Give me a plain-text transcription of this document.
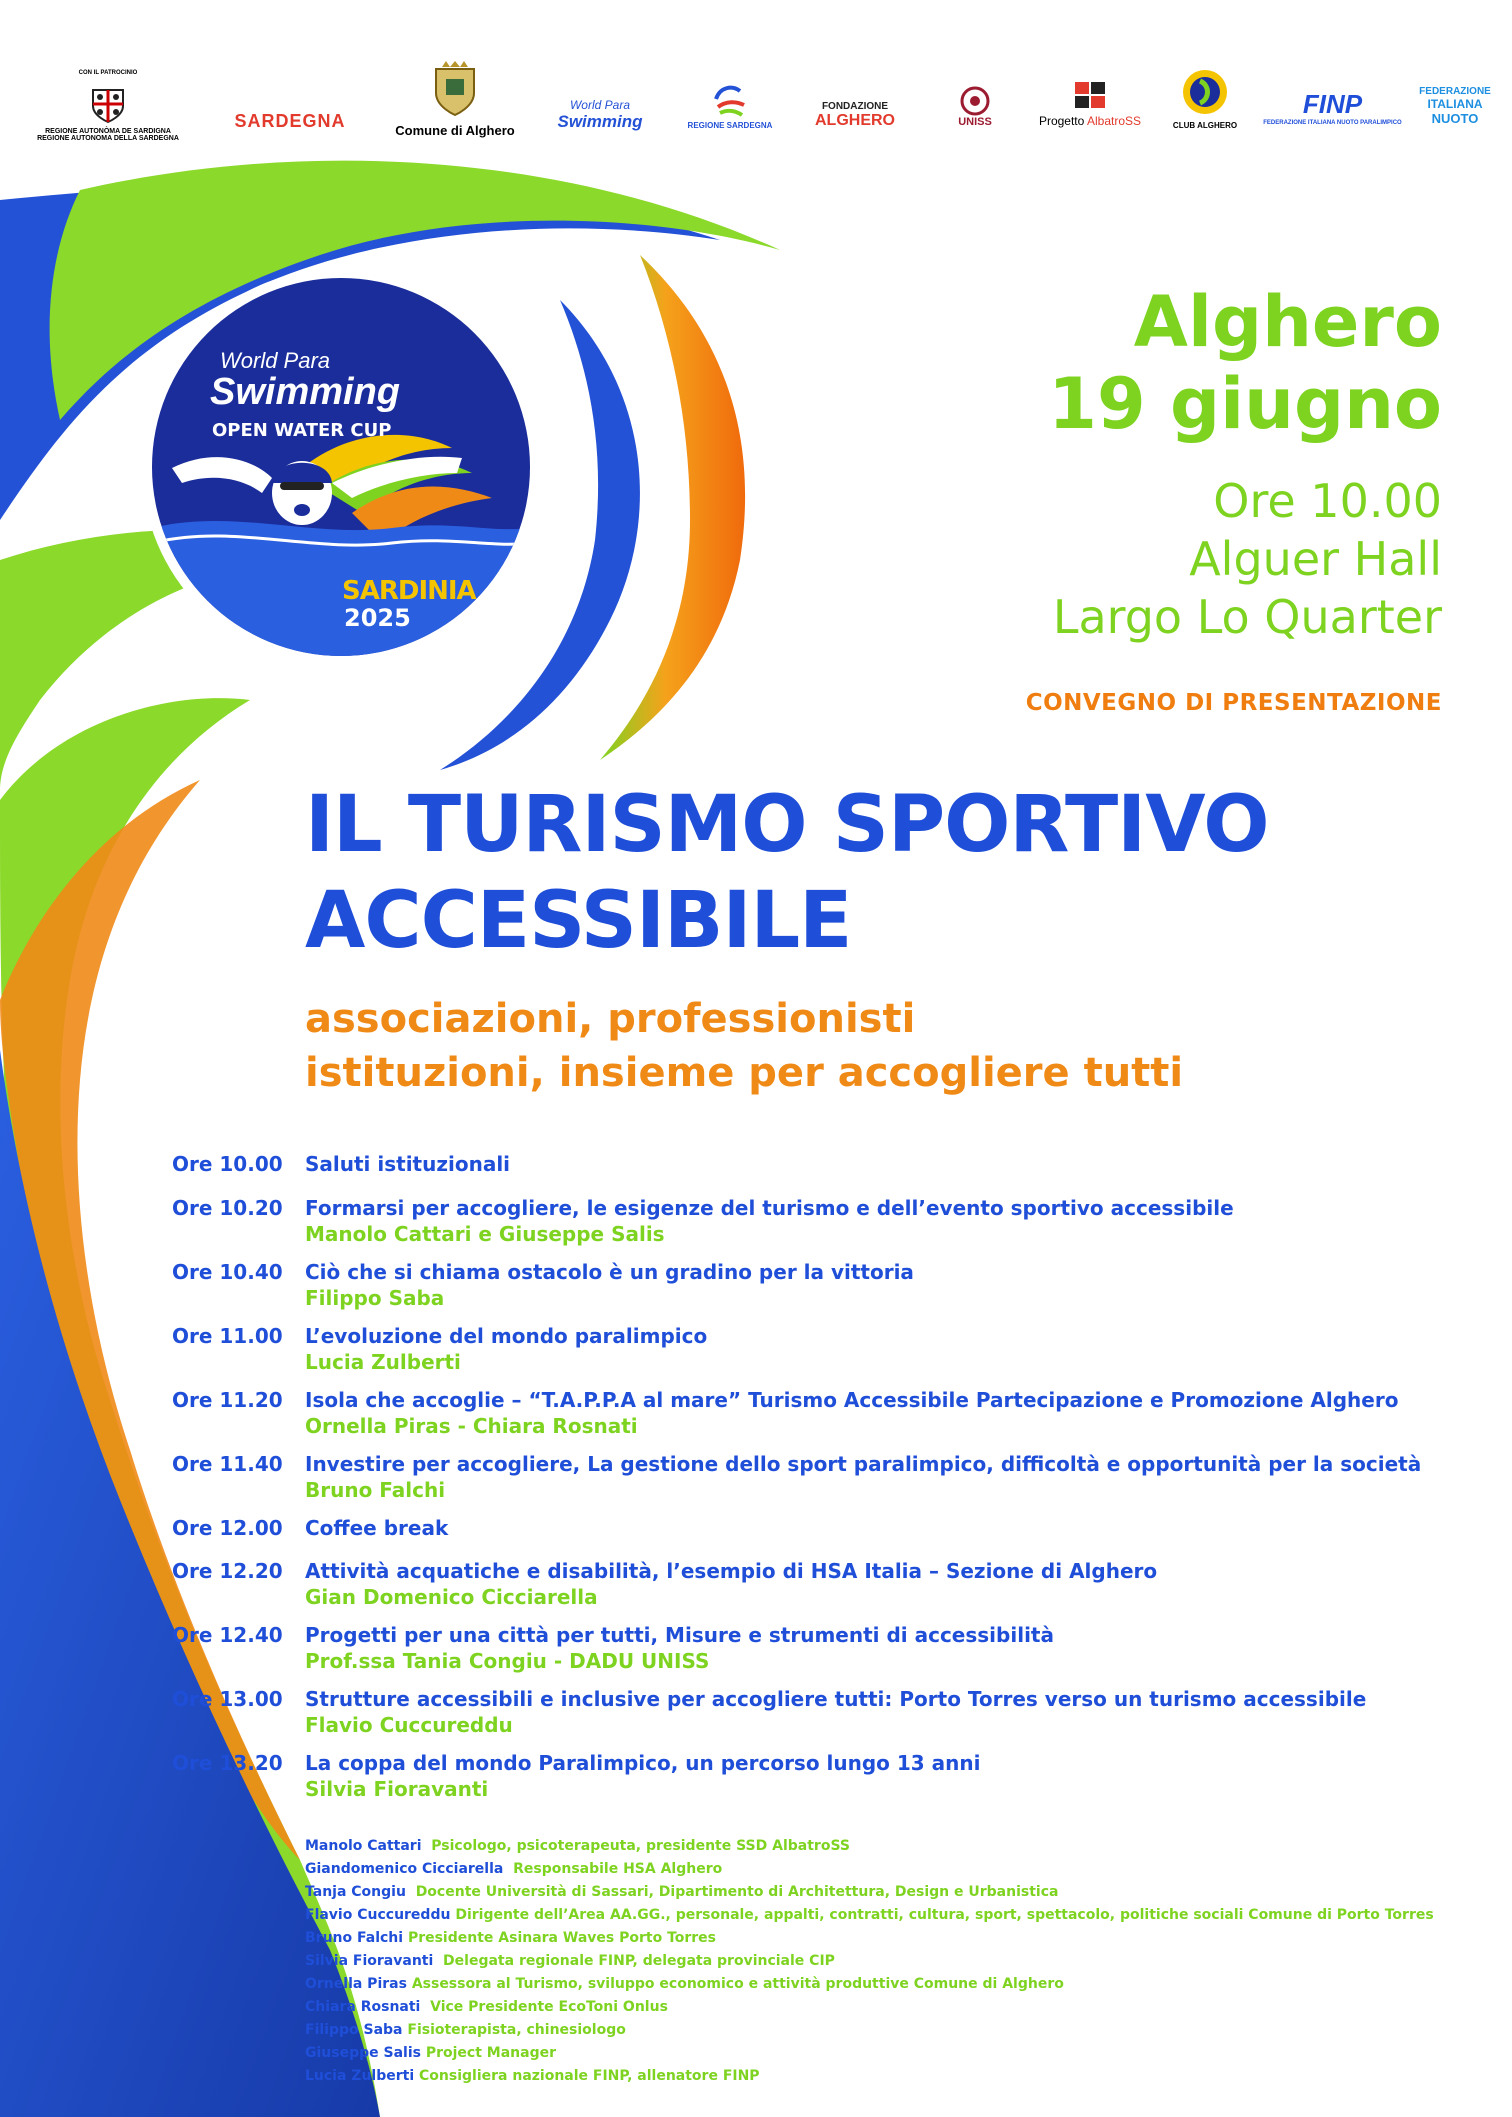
CON IL PATROCINIO
REGIONE AUTONÒMA DE SARDIGNA
REGIONE AUTONOMA DELLA SARDEGNA
SARDEGNA	Comune di Alghero
World Para
Swimming	REGIONE SARDEGNA
FONDAZIONE
ALGHERO	UNISS	Progetto AlbatroSS	CLUB ALGHERO
FINP
FEDERAZIONE ITALIANA NUOTO PARALIMPICO
FEDERAZIONE
ITALIANA
NUOTO
World Para
Swimming
OPEN WATER CUP
SARDINIA
2025
Alghero
19 giugno
Ore 10.00
Alguer Hall
Largo Lo Quarter
CONVEGNO DI PRESENTAZIONE
IL TURISMO SPORTIVO
ACCESSIBILE
associazioni, professionisti
istituzioni, insieme per accogliere tutti
Ore 10.00 Saluti istituzionali
Ore 10.20 Formarsi per accogliere, le esigenze del turismo e dell’evento sportivo accessibile
Manolo Cattari e Giuseppe Salis
Ore 10.40 Ciò che si chiama ostacolo è un gradino per la vittoria
Filippo Saba
Ore 11.00 L’evoluzione del mondo paralimpico
Lucia Zulberti
Ore 11.20 Isola che accoglie – “T.A.P.P.A al mare” Turismo Accessibile Partecipazione e Promozione Alghero
Ornella Piras - Chiara Rosnati
Ore 11.40 Investire per accogliere, La gestione dello sport paralimpico, difficoltà e opportunità per la società
Bruno Falchi
Ore 12.00 Coffee break
Ore 12.20 Attività acquatiche e disabilità, l’esempio di HSA Italia – Sezione di Alghero
Gian Domenico Cicciarella
Ore 12.40 Progetti per una città per tutti, Misure e strumenti di accessibilità
Prof.ssa Tania Congiu - DADU UNISS
Ore 13.00 Strutture accessibili e inclusive per accogliere tutti: Porto Torres verso un turismo accessibile
Flavio Cuccureddu
Ore 13.20 La coppa del mondo Paralimpico, un percorso lungo 13 anni
Silvia Fioravanti
Manolo Cattari Psicologo, psicoterapeuta, presidente SSD AlbatroSS
Giandomenico Cicciarella Responsabile HSA Alghero
Tanja Congiu Docente Università di Sassari, Dipartimento di Architettura, Design e Urbanistica
Flavio Cuccureddu Dirigente dell’Area AA.GG., personale, appalti, contratti, cultura, sport, spettacolo, politiche sociali Comune di Porto Torres
Bruno Falchi Presidente Asinara Waves Porto Torres
Silvia Fioravanti Delegata regionale FINP, delegata provinciale CIP
Ornella Piras Assessora al Turismo, sviluppo economico e attività produttive Comune di Alghero
Chiara Rosnati Vice Presidente EcoToni Onlus
Filippo Saba Fisioterapista, chinesiologo
Giuseppe Salis Project Manager
Lucia Zulberti Consigliera nazionale FINP, allenatore FINP
